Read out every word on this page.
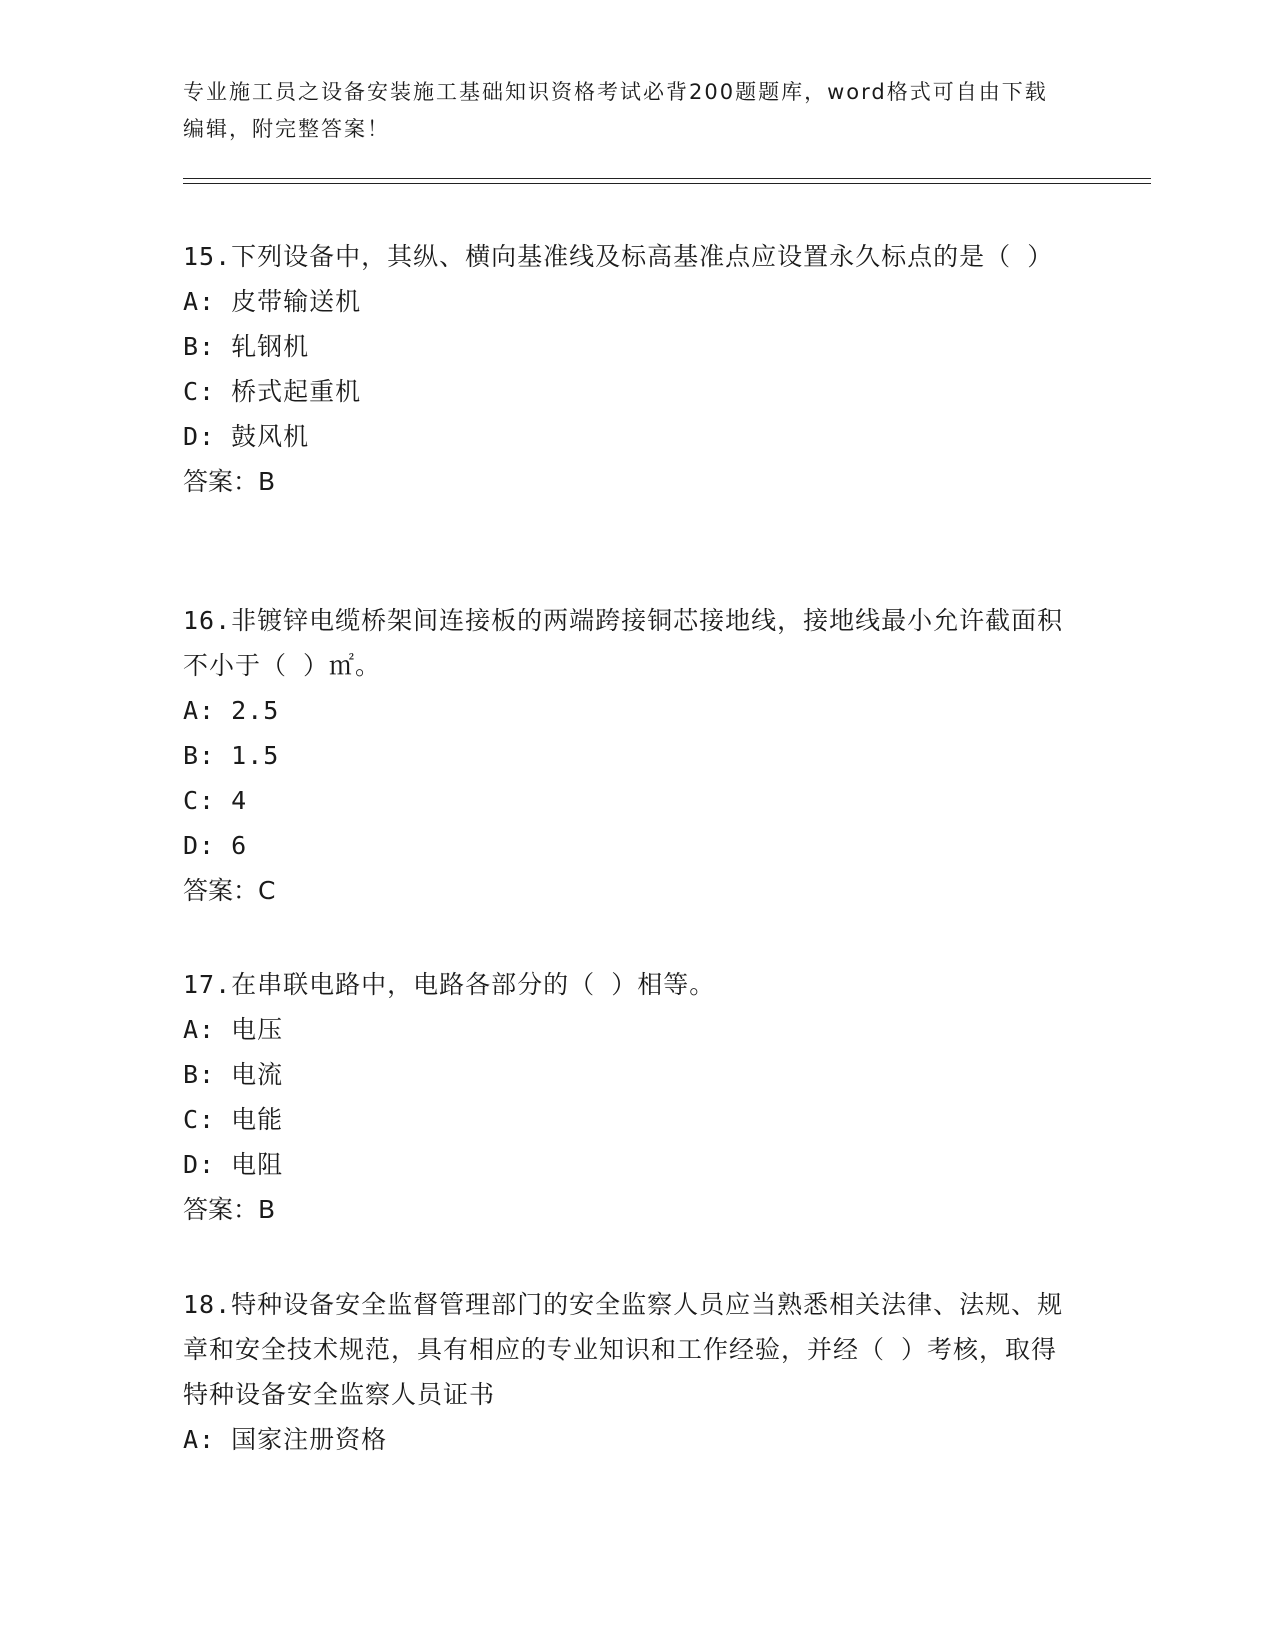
专业施工员之设备安装施工基础知识资格考试必背200题题库，word格式可自由下载编辑，附完整答案！

15.下列设备中，其纵、横向基准线及标高基准点应设置永久标点的是（ ）

A: 皮带输送机

B: 轧钢机

C: 桥式起重机

D: 鼓风机

答案：B

16.非镀锌电缆桥架间连接板的两端跨接铜芯接地线，接地线最小允许截面积不小于（ ）㎡。

A: 2.5

B: 1.5

C: 4

D: 6

答案：C

17.在串联电路中，电路各部分的（ ）相等。

A: 电压

B: 电流

C: 电能

D: 电阻

答案：B

18.特种设备安全监督管理部门的安全监察人员应当熟悉相关法律、法规、规章和安全技术规范，具有相应的专业知识和工作经验，并经（ ）考核，取得特种设备安全监察人员证书

A: 国家注册资格
